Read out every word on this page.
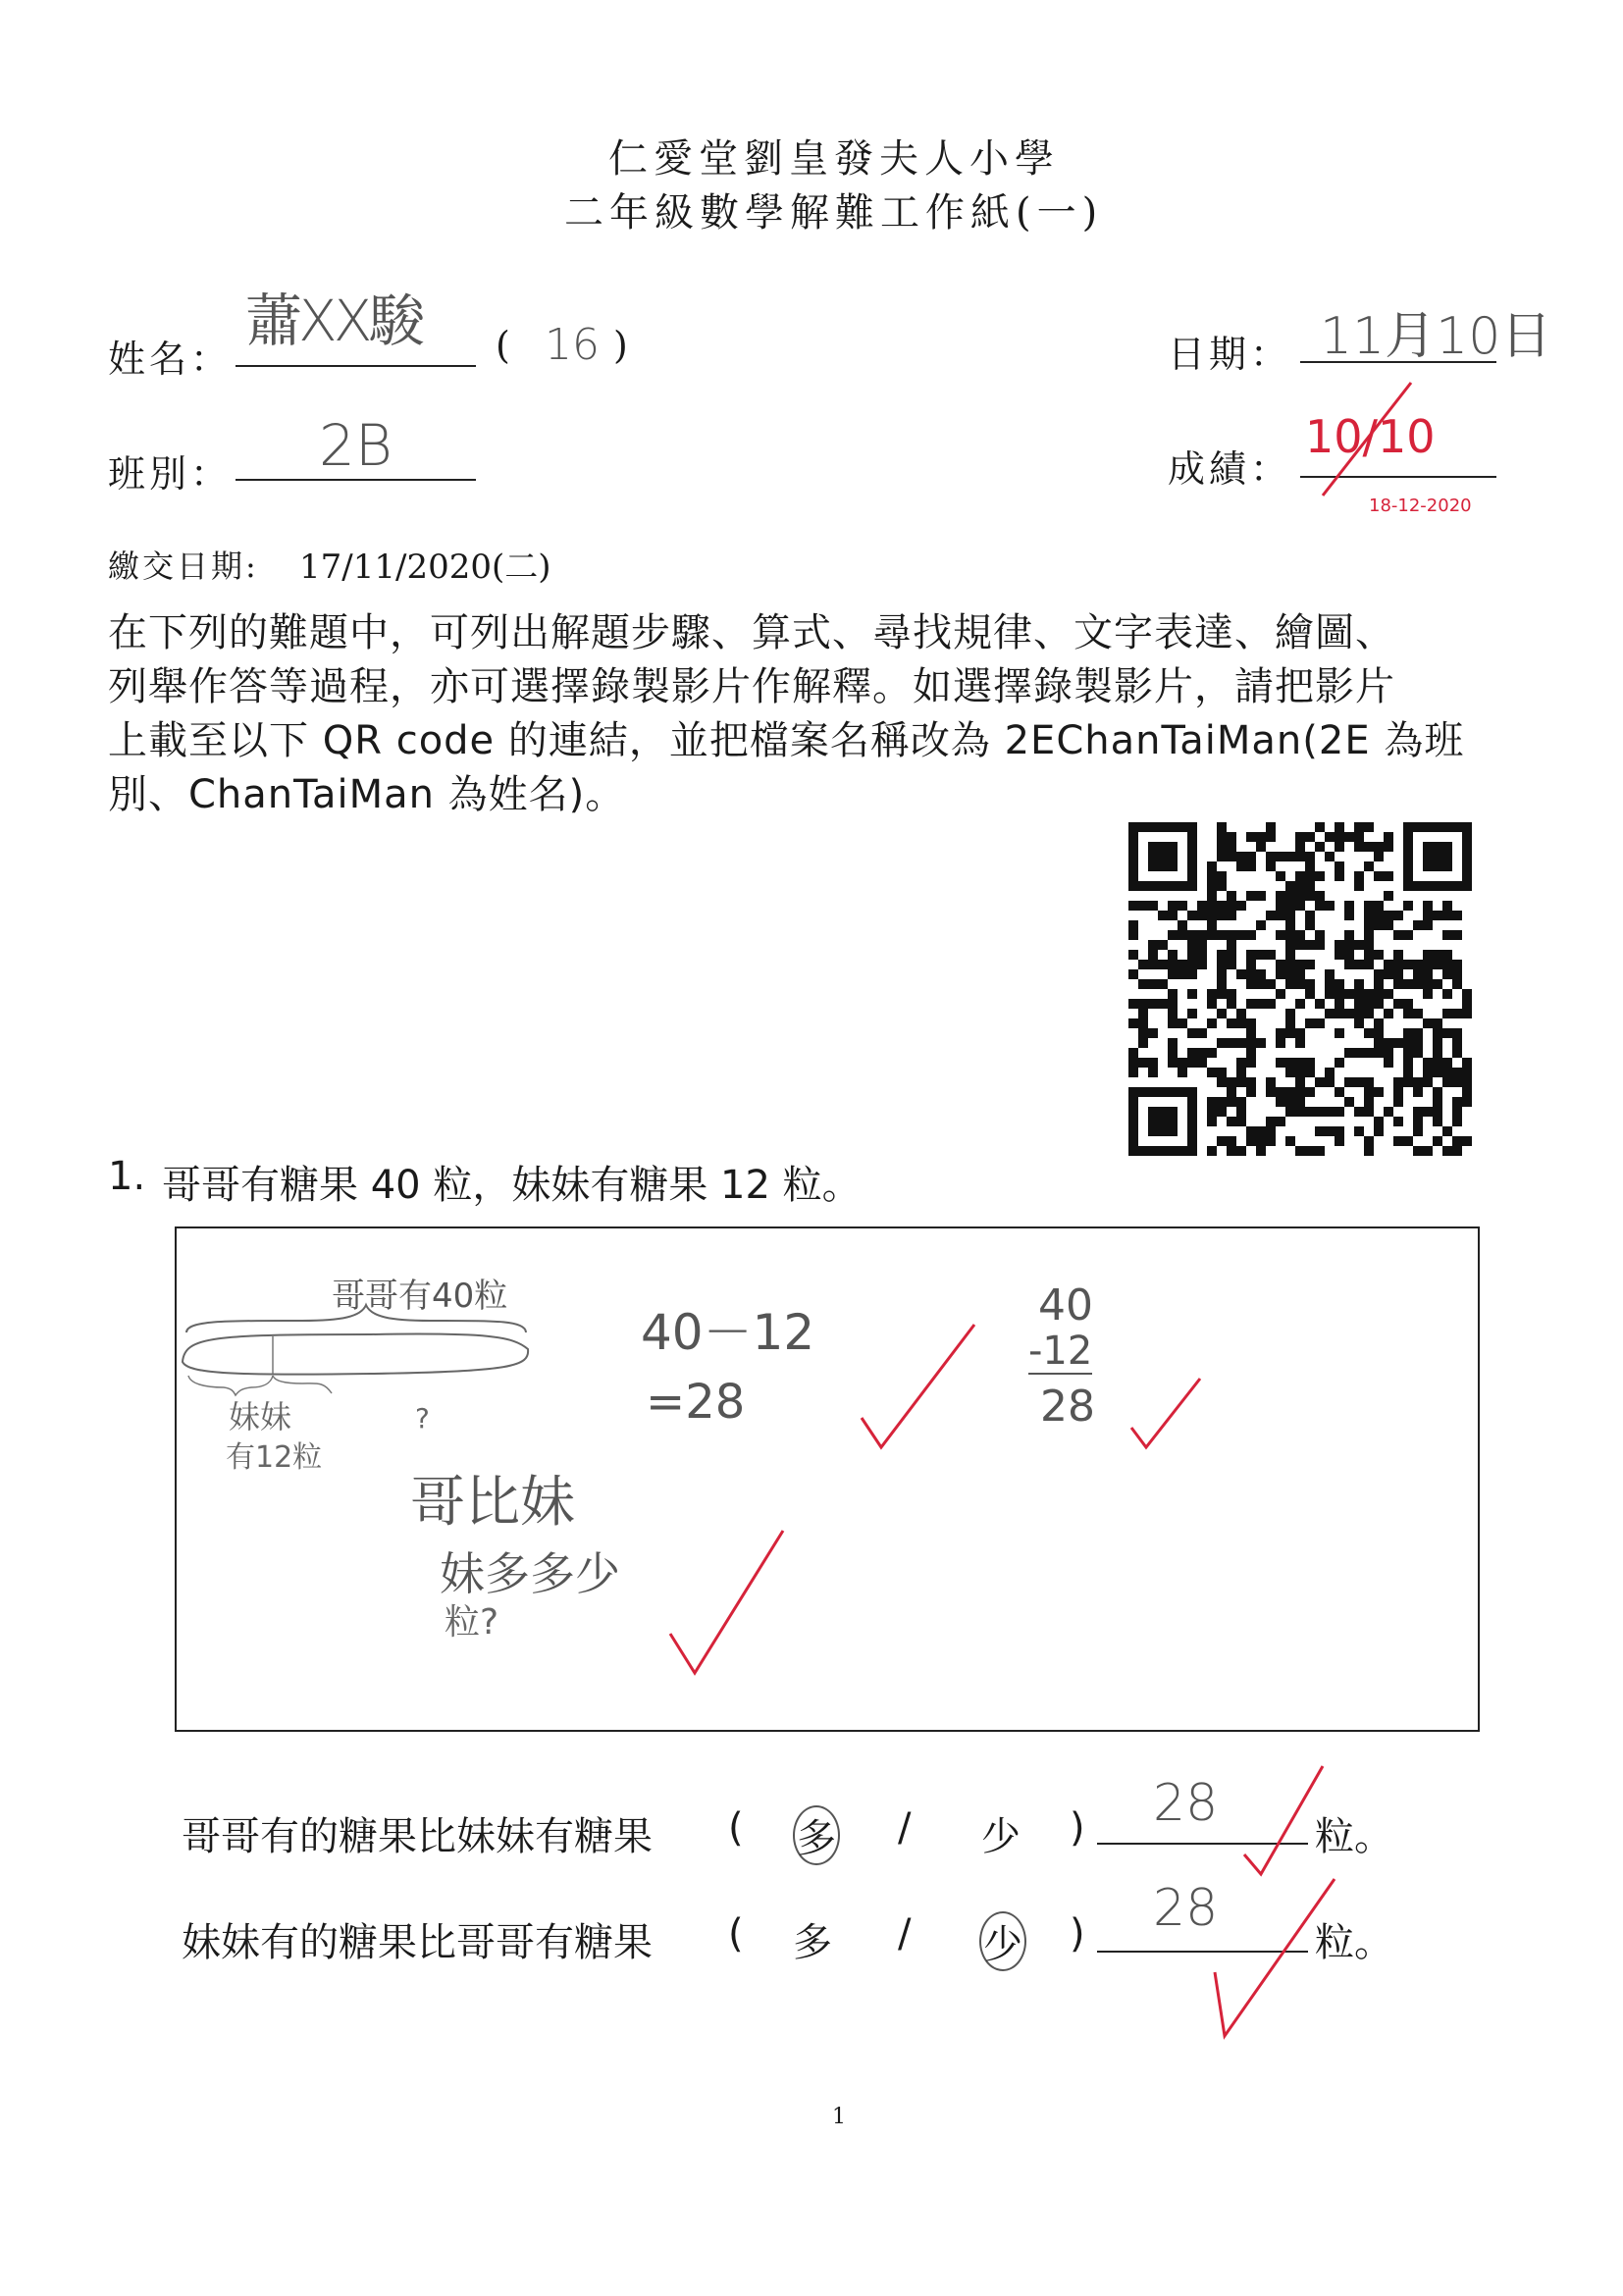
仁愛堂劉皇發夫人小學
二年級數學解難工作紙(一)
姓名：
蕭XX駿 ( 16 )	日期： 11月10日
班別： 2B	成績：
10/10
18-12-2020
繳交日期: 17/11/2020(二)
在下列的難題中，可列出解題步驟、算式、尋找規律、文字表達、繪圖、
列舉作答等過程，亦可選擇錄製影片作解釋。如選擇錄製影片，請把影片
上載至以下 QR code 的連結，並把檔案名稱改為 2EChanTaiMan(2E 為班
別、ChanTaiMan 為姓名)。
1. 哥哥有糖果 40 粒，妹妹有糖果 12 粒。
哥哥有40粒
妹妹
有12粒
?
哥比妹
妹多多少
粒?
40－12
=28
40
-12
28
哥哥有的糖果比妹妹有糖果 ( 多 / 少 ) 28
粒。
妹妹有的糖果比哥哥有糖果 ( 多 / 少 ) 28
粒。
1
